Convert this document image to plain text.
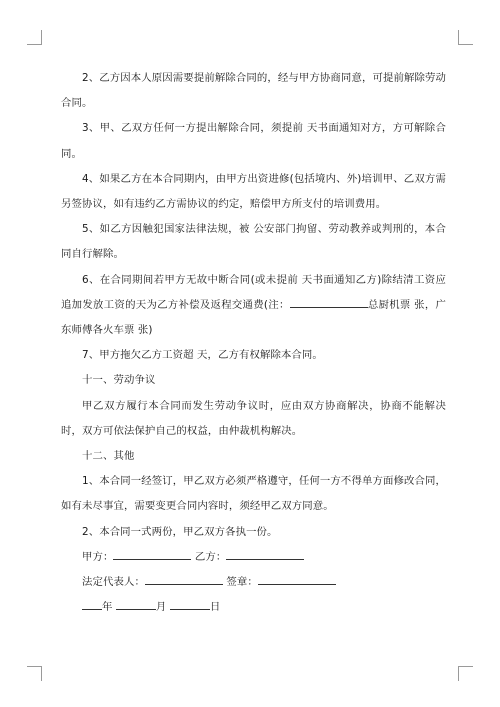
2、乙方因本人原因需要提前解除合同的，经与甲方协商同意，可提前解除劳动合同。

3、甲、乙双方任何一方提出解除合同，须提前 天书面通知对方，方可解除合同。

4、如果乙方在本合同期内，由甲方出资进修(包括境内、外)培训甲、乙双方需另签协议，如有违约乙方需协议的约定，赔偿甲方所支付的培训费用。

5、如乙方因触犯国家法律法规，被 公安部门拘留、劳动教养或判刑的，本合同自行解除。

6、在合同期间若甲方无故中断合同(或未提前 天书面通知乙方)除结清工资应追加发放工资的天为乙方补偿及返程交通费(注：	总厨机票 张，广东师傅各火车票 张)

7、甲方拖欠乙方工资超 天，乙方有权解除本合同。

十一、劳动争议

甲乙双方履行本合同而发生劳动争议时，应由双方协商解决，协商不能解决时，双方可依法保护自己的权益，由仲裁机构解决。

十二、其他

1、本合同一经签订，甲乙双方必须严格遵守，任何一方不得单方面修改合同，如有未尽事宜，需要变更合同内容时，须经甲乙双方同意。

2、本合同一式两份，甲乙双方各执一份。

甲方：	乙方：
法定代表人：	签章：
年	月	日
